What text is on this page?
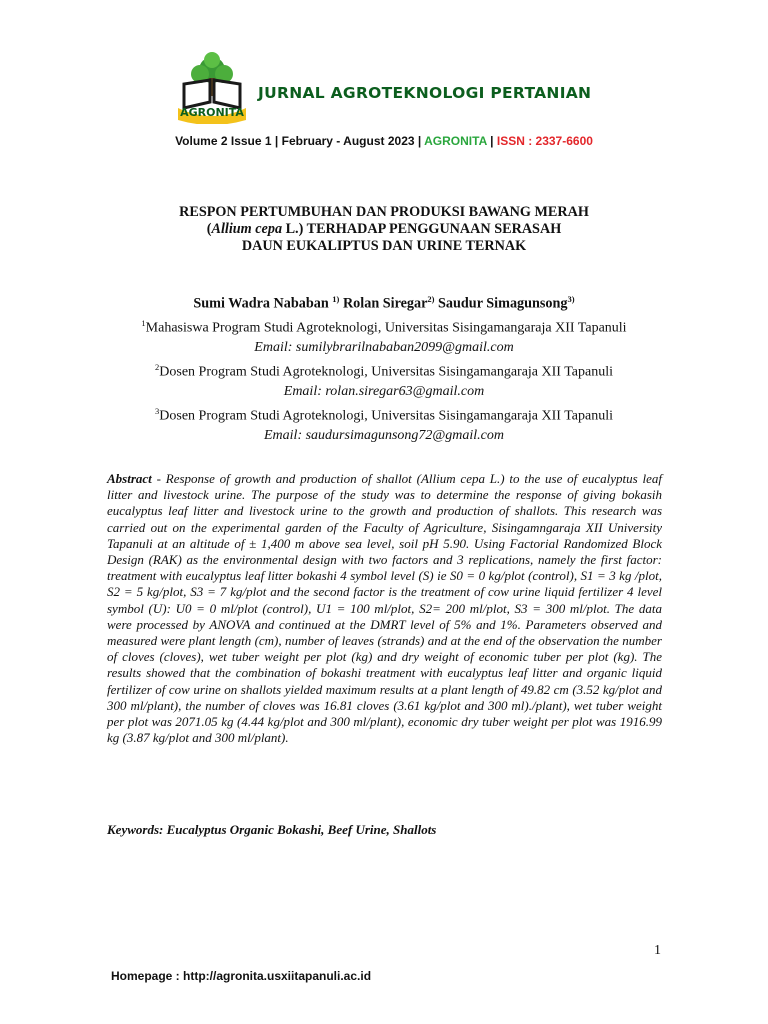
AGRONITA
JURNAL AGROTEKNOLOGI PERTANIAN
Volume 2 Issue 1 | February - August 2023 | AGRONITA | ISSN : 2337-6600
RESPON PERTUMBUHAN DAN PRODUKSI BAWANG MERAH
(Allium cepa L.) TERHADAP PENGGUNAAN SERASAH
DAUN EUKALIPTUS DAN URINE TERNAK
Sumi Wadra Nababan $^{1)}$ Rolan Siregar$^{2)}$ Saudur Simagunsong$^{3)}$
$^1$Mahasiswa Program Studi Agroteknologi, Universitas Sisingamangaraja XII Tapanuli
Email: sumilybrarilnababan2099@gmail.com
$^2$Dosen Program Studi Agroteknologi, Universitas Sisingamangaraja XII Tapanuli
Email: rolan.siregar63@gmail.com
$^3$Dosen Program Studi Agroteknologi, Universitas Sisingamangaraja XII Tapanuli
Email: saudursimagunsong72@gmail.com
Abstract - Response of growth and production of shallot (Allium cepa L.) to the use of eucalyptus leaf litter and livestock urine. The purpose of the study was to determine the response of giving bokasih eucalyptus leaf litter and livestock urine to the growth and production of shallots. This research was carried out on the experimental garden of the Faculty of Agriculture, Sisingamngaraja XII University Tapanuli at an altitude of ± 1,400 m above sea level, soil pH 5.90. Using Factorial Randomized Block Design (RAK) as the environmental design with two factors and 3 replications, namely the first factor: treatment with eucalyptus leaf litter bokashi 4 symbol level (S) ie S0 = 0 kg/plot (control), S1 = 3 kg /plot, S2 = 5 kg/plot, S3 = 7 kg/plot and the second factor is the treatment of cow urine liquid fertilizer 4 level symbol (U): U0 = 0 ml/plot (control), U1 = 100 ml/plot, S2= 200 ml/plot, S3 = 300 ml/plot. The data were processed by ANOVA and continued at the DMRT level of 5% and 1%. Parameters observed and measured were plant length (cm), number of leaves (strands) and at the end of the observation the number of cloves (cloves), wet tuber weight per plot (kg) and dry weight of economic tuber per plot (kg). The results showed that the combination of bokashi treatment with eucalyptus leaf litter and organic liquid fertilizer of cow urine on shallots yielded maximum results at a plant length of 49.82 cm (3.52 kg/plot and 300 ml/plant), the number of cloves was 16.81 cloves (3.61 kg/plot and 300 ml)./plant), wet tuber weight per plot was 2071.05 kg (4.44 kg/plot and 300 ml/plant), economic dry tuber weight per plot was 1916.99 kg (3.87 kg/plot and 300 ml/plant).
Keywords: Eucalyptus Organic Bokashi, Beef Urine, Shallots
1
Homepage : http://agronita.usxiitapanuli.ac.id
